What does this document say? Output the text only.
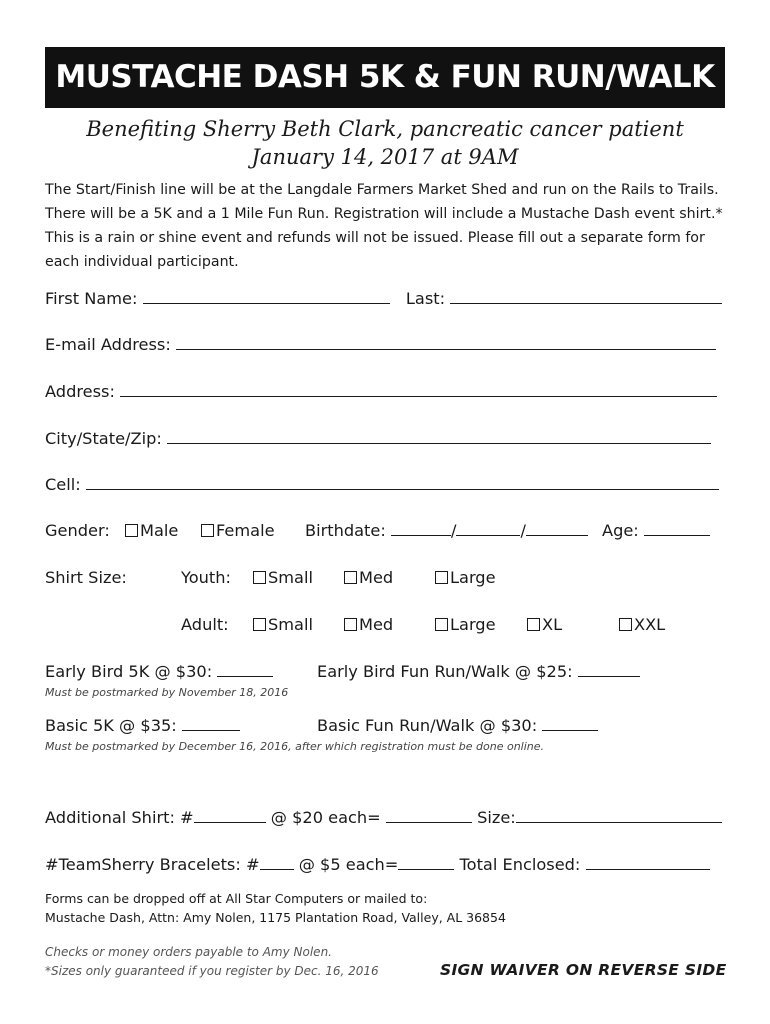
MUSTACHE DASH 5K & FUN RUN/WALK
Benefiting Sherry Beth Clark, pancreatic cancer patient
January 14, 2017 at 9AM
The Start/Finish line will be at the Langdale Farmers Market Shed and run on the Rails to Trails. There will be a 5K and a 1 Mile Fun Run. Registration will include a Mustache Dash event shirt.* This is a rain or shine event and refunds will not be issued. Please fill out a separate form for each individual participant.
First Name:	Last:
E-mail Address:
Address:
City/State/Zip:
Cell:
Gender:	Male	Female Birthdate:	/	/	Age:
Shirt Size:	Youth:	Small	Med	Large
Adult:	Small	Med	Large	XL	XXL
Early Bird 5K @ $30:	Early Bird Fun Run/Walk @ $25:
Must be postmarked by November 18, 2016
Basic 5K @ $35:	Basic Fun Run/Walk @ $30:
Must be postmarked by December 16, 2016, after which registration must be done online.
Additional Shirt: #	@ $20 each=	Size:
#TeamSherry Bracelets: # @ $5 each=	Total Enclosed:
Forms can be dropped off at All Star Computers or mailed to:
Mustache Dash, Attn: Amy Nolen, 1175 Plantation Road, Valley, AL 36854
Checks or money orders payable to Amy Nolen.
*Sizes only guaranteed if you register by Dec. 16, 2016	SIGN WAIVER ON REVERSE SIDE
